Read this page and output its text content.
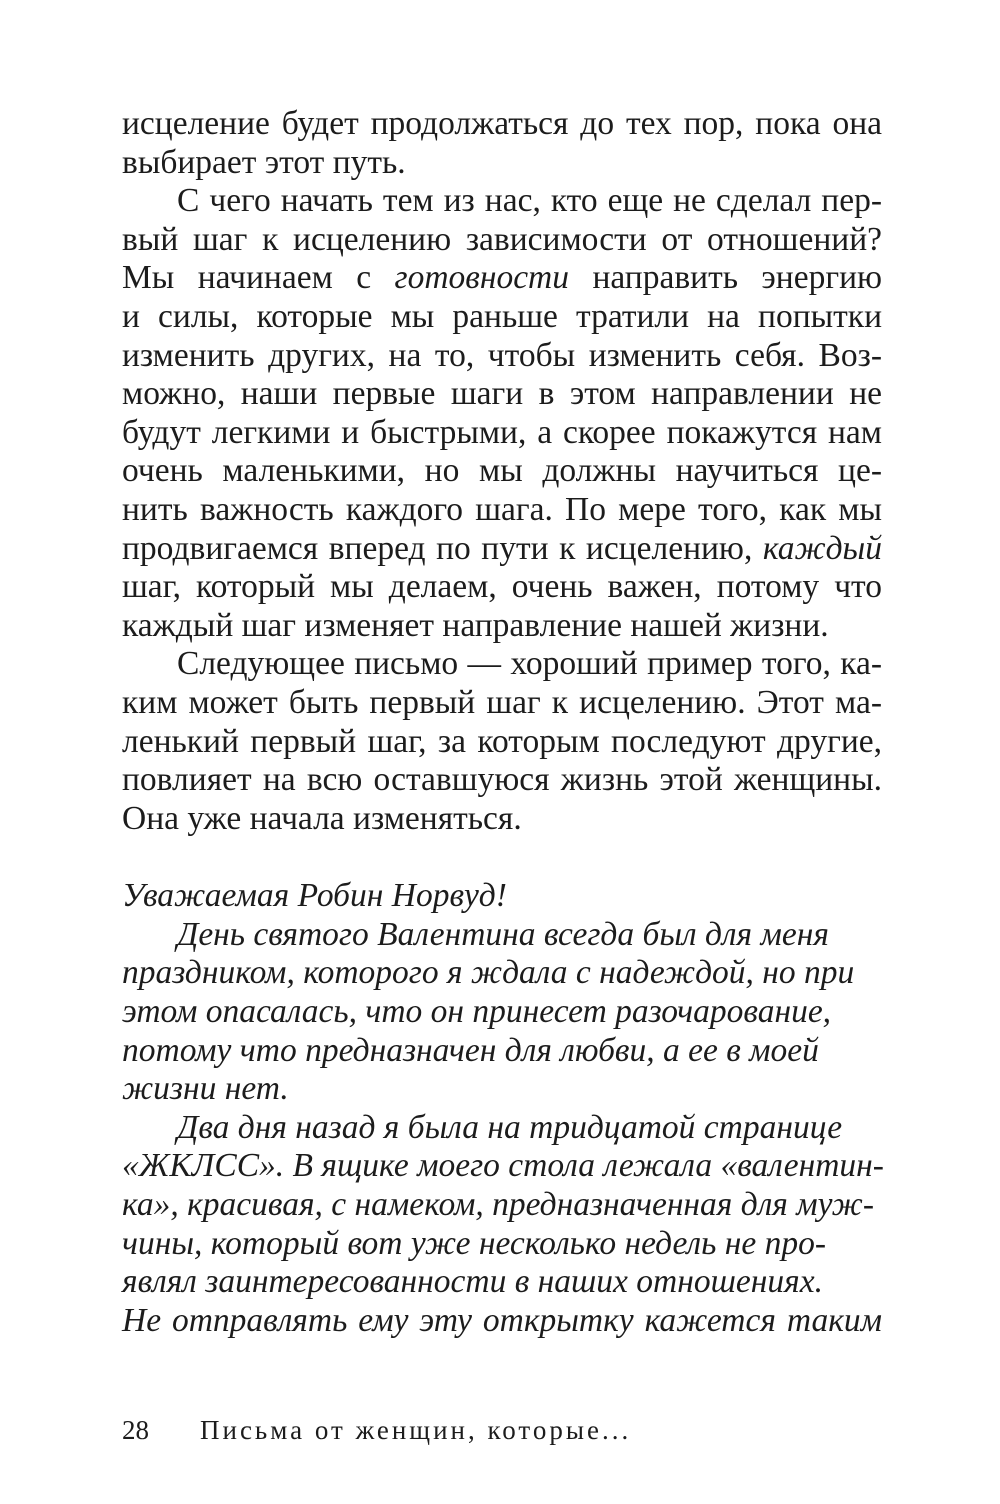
исцеление будет продолжаться до тех пор, пока она
выбирает этот путь.
С чего начать тем из нас, кто еще не сделал пер-
вый шаг к исцелению зависимости от отношений?
Мы начинаем с готовности направить энергию
и силы, которые мы раньше тратили на попытки
изменить других, на то, чтобы изменить себя. Воз-
можно, наши первые шаги в этом направлении не
будут легкими и быстрыми, а скорее покажутся нам
очень маленькими, но мы должны научиться це-
нить важность каждого шага. По мере того, как мы
продвигаемся вперед по пути к исцелению, каждый
шаг, который мы делаем, очень важен, потому что
каждый шаг изменяет направление нашей жизни.
Следующее письмо — хороший пример того, ка-
ким может быть первый шаг к исцелению. Этот ма-
ленький первый шаг, за которым последуют другие,
повлияет на всю оставшуюся жизнь этой женщины.
Она уже начала изменяться.
Уважаемая Робин Норвуд!
День святого Валентина всегда был для меня
праздником, которого я ждала с надеждой, но при
этом опасалась, что он принесет разочарование,
потому что предназначен для любви, а ее в моей
жизни нет.
Два дня назад я была на тридцатой странице
«ЖКЛСС». В ящике моего стола лежала «валентин-
ка», красивая, с намеком, предназначенная для муж-
чины, который вот уже несколько недель не про-
являл заинтересованности в наших отношениях.
Не отправлять ему эту открытку кажется таким
28 Письма от женщин, которые...
